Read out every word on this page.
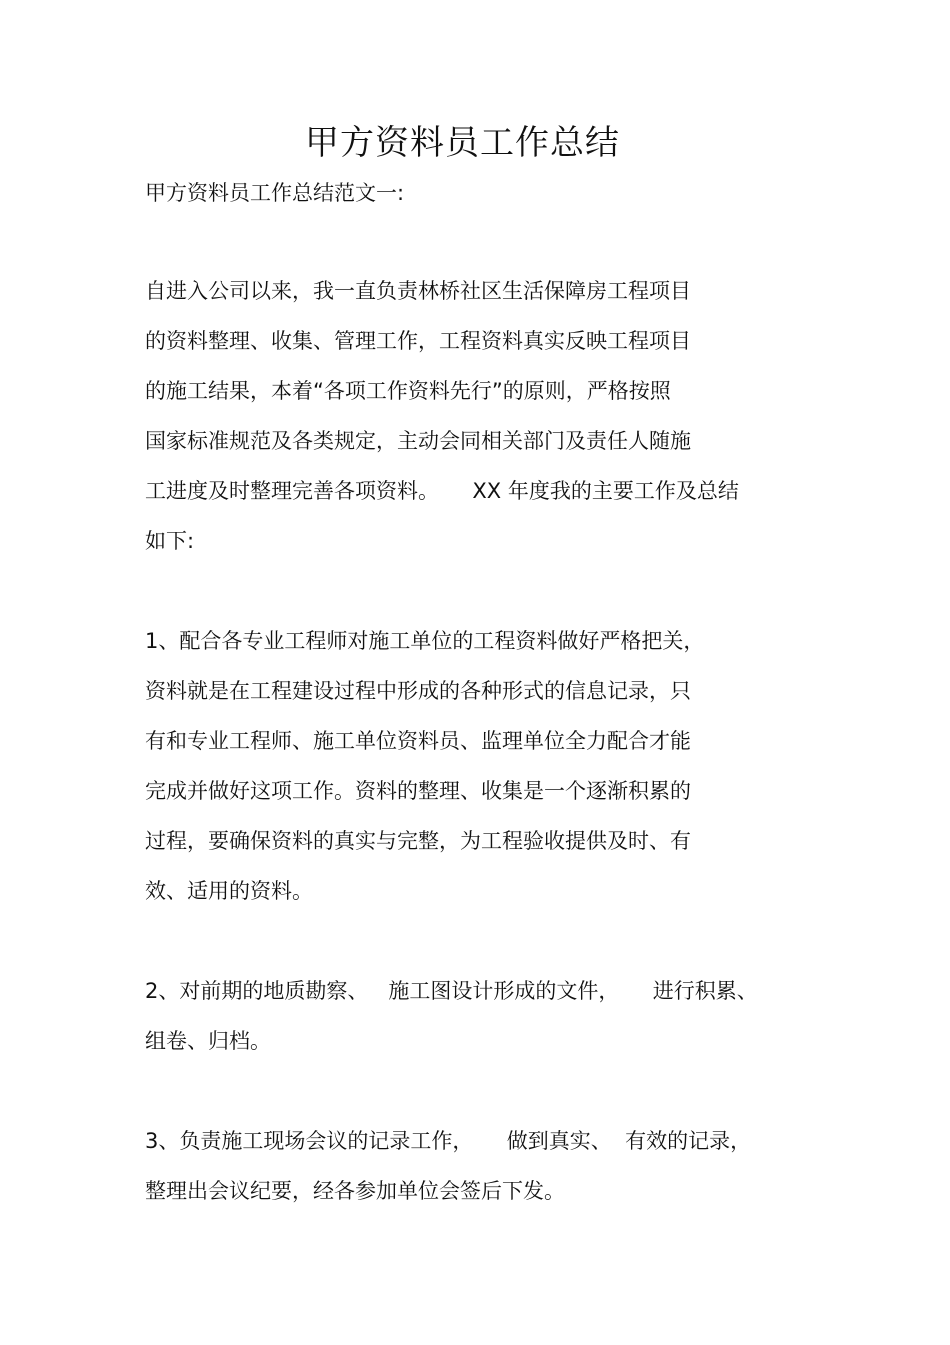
甲方资料员工作总结
甲方资料员工作总结范文一:
自进入公司以来，我一直负责林桥社区生活保障房工程项目
的资料整理、收集、管理工作，工程资料真实反映工程项目
的施工结果，本着“各项工作资料先行”的原则，严格按照
国家标准规范及各类规定，主动会同相关部门及责任人随施
工进度及时整理完善各项资料。     XX 年度我的主要工作及总结
如下:
1、配合各专业工程师对施工单位的工程资料做好严格把关，
资料就是在工程建设过程中形成的各种形式的信息记录，只
有和专业工程师、施工单位资料员、监理单位全力配合才能
完成并做好这项工作。资料的整理、收集是一个逐渐积累的
过程，要确保资料的真实与完整，为工程验收提供及时、有
效、适用的资料。
2、对前期的地质勘察、   施工图设计形成的文件，     进行积累、
组卷、归档。
3、负责施工现场会议的记录工作，     做到真实、  有效的记录，
整理出会议纪要，经各参加单位会签后下发。
